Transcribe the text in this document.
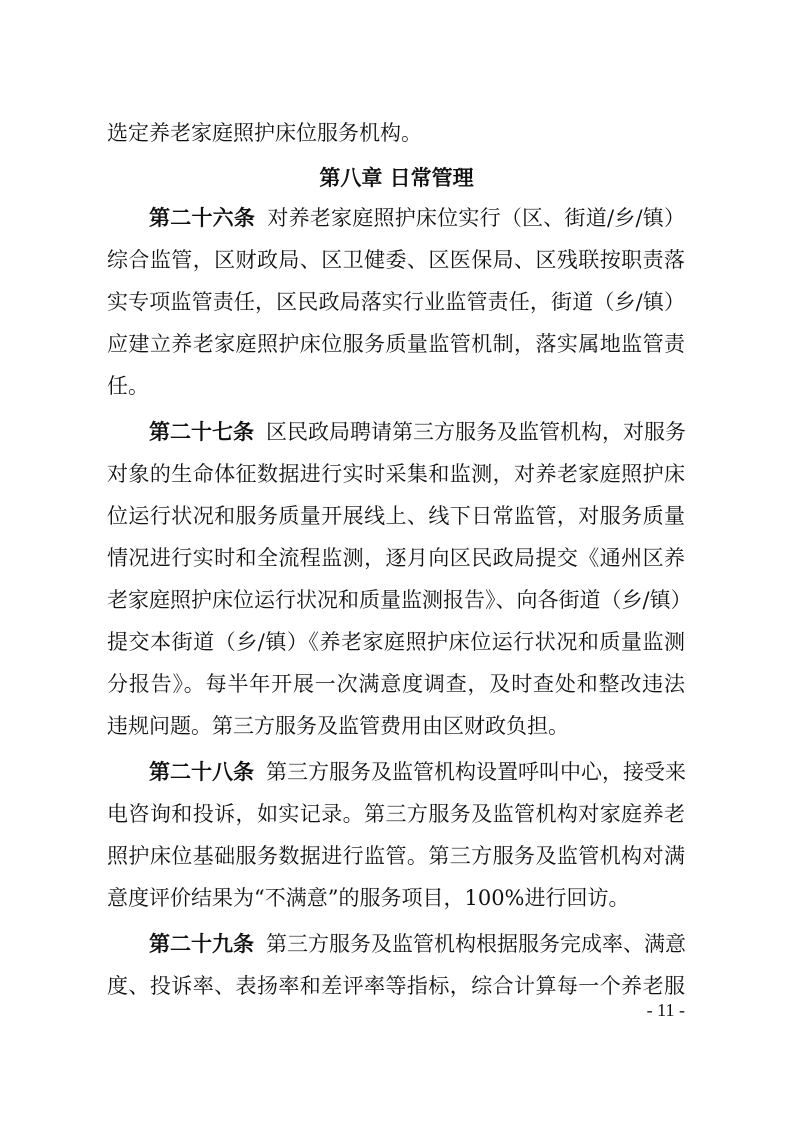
选定养老家庭照护床位服务机构。
第八章 日常管理
第二十六条 对养老家庭照护床位实行（区、街道/乡/镇）
综合监管，区财政局、区卫健委、区医保局、区残联按职责落
实专项监管责任，区民政局落实行业监管责任，街道（乡/镇）
应建立养老家庭照护床位服务质量监管机制，落实属地监管责
任。
第二十七条 区民政局聘请第三方服务及监管机构，对服务
对象的生命体征数据进行实时采集和监测，对养老家庭照护床
位运行状况和服务质量开展线上、线下日常监管，对服务质量
情况进行实时和全流程监测，逐月向区民政局提交《通州区养
老家庭照护床位运行状况和质量监测报告》、向各街道（乡/镇）
提交本街道（乡/镇）《养老家庭照护床位运行状况和质量监测
分报告》。每半年开展一次满意度调查，及时查处和整改违法
违规问题。第三方服务及监管费用由区财政负担。
第二十八条 第三方服务及监管机构设置呼叫中心，接受来
电咨询和投诉，如实记录。第三方服务及监管机构对家庭养老
照护床位基础服务数据进行监管。第三方服务及监管机构对满
意度评价结果为“不满意”的服务项目，100%进行回访。
第二十九条 第三方服务及监管机构根据服务完成率、满意
度、投诉率、表扬率和差评率等指标，综合计算每一个养老服
- 11 -
